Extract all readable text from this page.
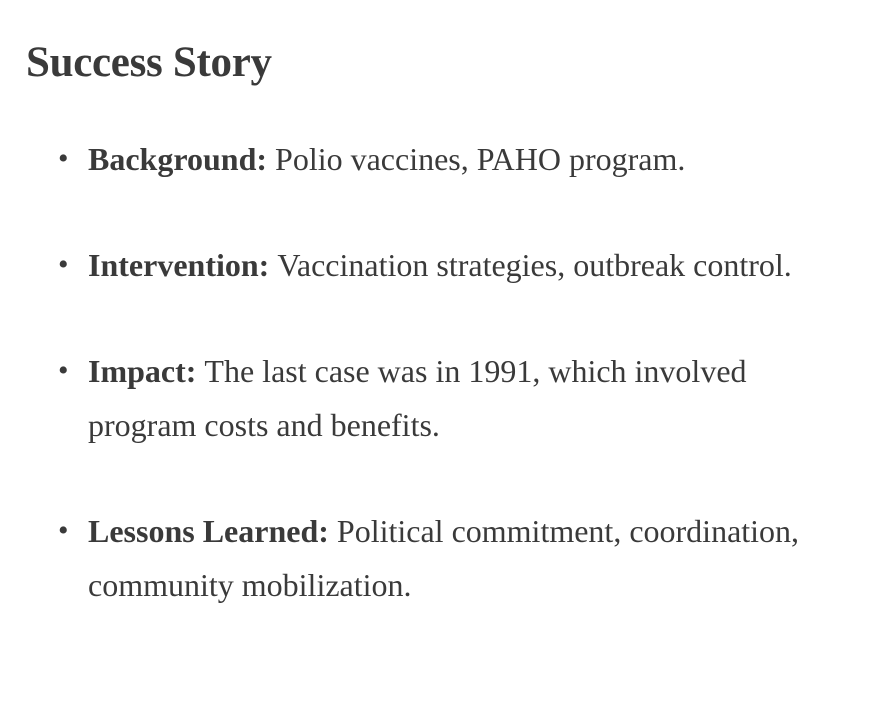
Success Story
• Background: Polio vaccines, PAHO program.
• Intervention: Vaccination strategies, outbreak control.
• Impact: The last case was in 1991, which involved program costs and benefits.
• Lessons Learned: Political commitment, coordination, community mobilization.
